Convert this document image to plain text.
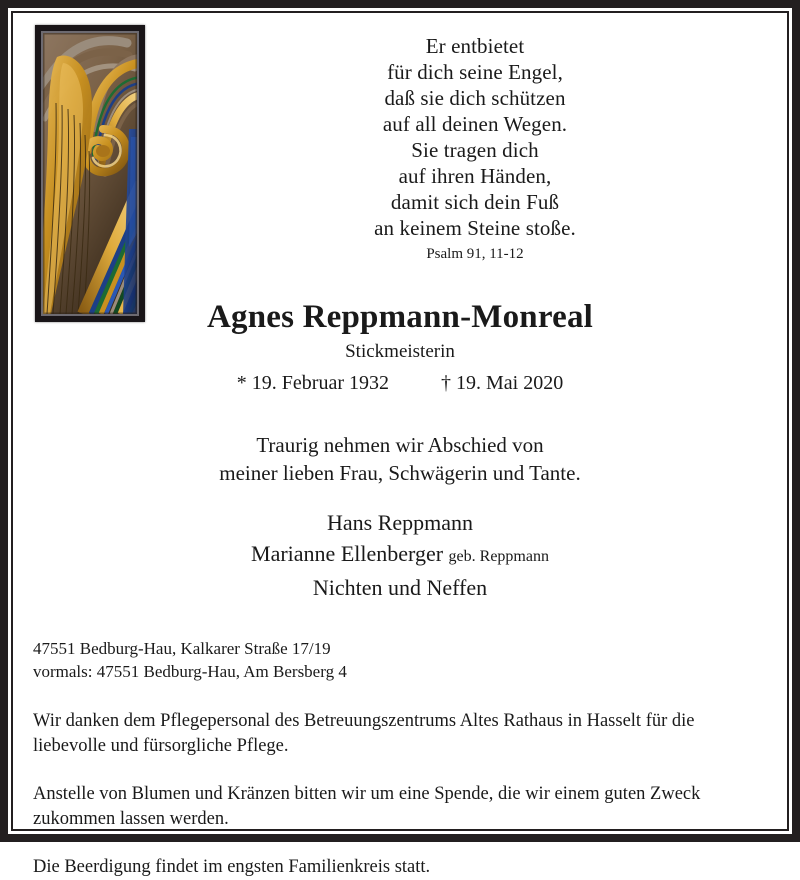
Er entbietet
für dich seine Engel,
daß sie dich schützen
auf all deinen Wegen.
Sie tragen dich
auf ihren Händen,
damit sich dein Fuß
an keinem Steine stoße.
Psalm 91, 11-12
Agnes Reppmann-Monreal
Stickmeisterin
* 19. Februar 1932	† 19. Mai 2020
Traurig nehmen wir Abschied von
meiner lieben Frau, Schwägerin und Tante.
Hans Reppmann
Marianne Ellenberger geb. Reppmann
Nichten und Neffen
47551 Bedburg-Hau, Kalkarer Straße 17/19
vormals: 47551 Bedburg-Hau, Am Bersberg 4

Wir danken dem Pflegepersonal des Betreuungszentrums Altes Rathaus in Hasselt für die liebevolle und fürsorgliche Pflege.

Anstelle von Blumen und Kränzen bitten wir um eine Spende, die wir einem guten Zweck zukommen lassen werden.

Die Beerdigung findet im engsten Familienkreis statt.
